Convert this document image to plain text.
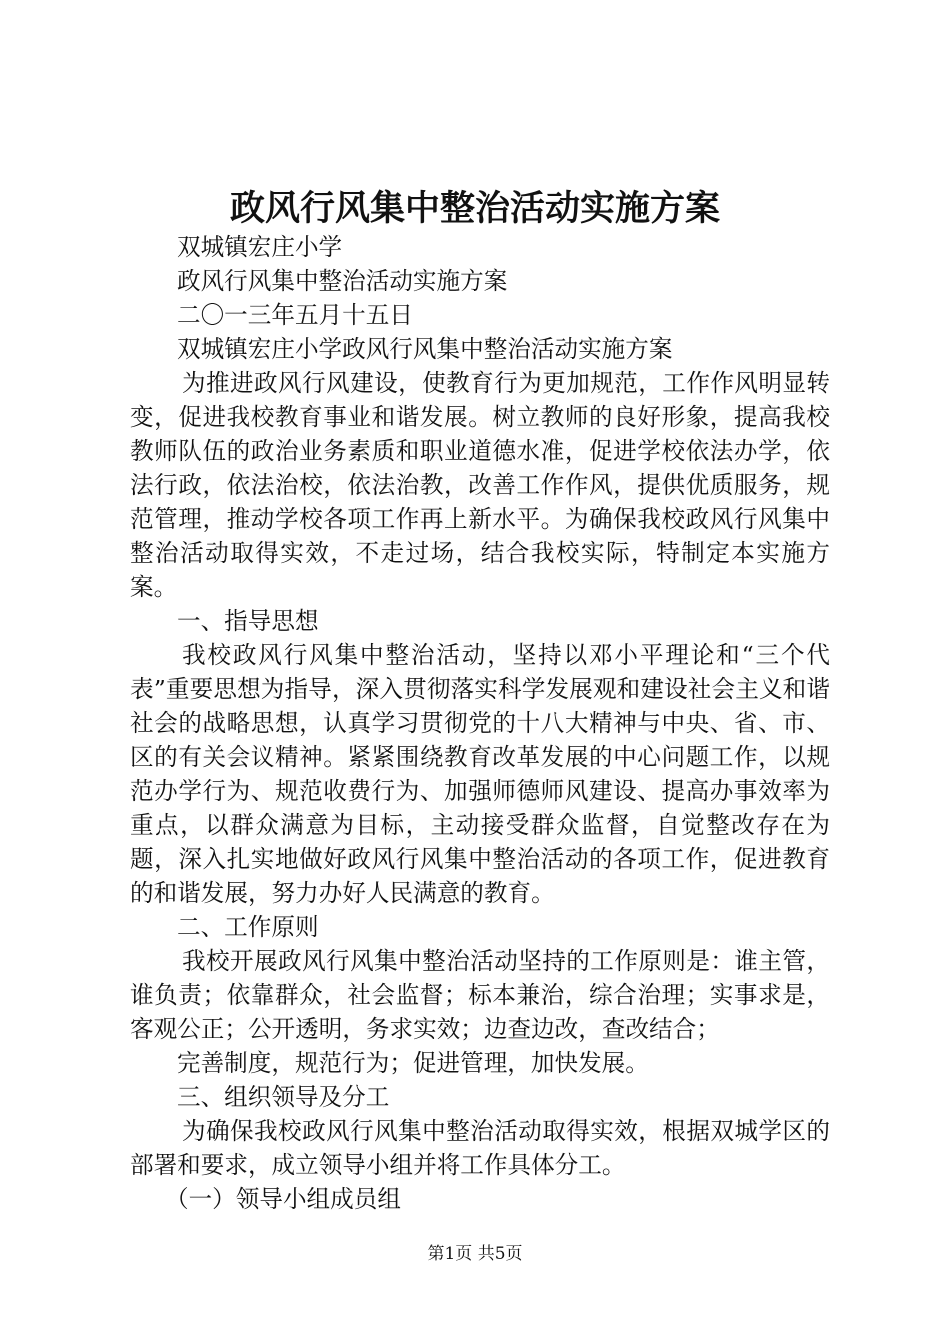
政风行风集中整治活动实施方案

双城镇宏庄小学

政风行风集中整治活动实施方案

二〇一三年五月十五日

双城镇宏庄小学政风行风集中整治活动实施方案

为推进政风行风建设，使教育行为更加规范，工作作风明显转变，促进我校教育事业和谐发展。树立教师的良好形象，提高我校教师队伍的政治业务素质和职业道德水准，促进学校依法办学，依法行政，依法治校，依法治教，改善工作作风，提供优质服务，规范管理，推动学校各项工作再上新水平。为确保我校政风行风集中整治活动取得实效，不走过场，结合我校实际，特制定本实施方案。

一、指导思想

我校政风行风集中整治活动，坚持以邓小平理论和“三个代表”重要思想为指导，深入贯彻落实科学发展观和建设社会主义和谐社会的战略思想，认真学习贯彻党的十八大精神与中央、省、市、区的有关会议精神。紧紧围绕教育改革发展的中心问题工作，以规范办学行为、规范收费行为、加强师德师风建设、提高办事效率为重点，以群众满意为目标，主动接受群众监督，自觉整改存在为题，深入扎实地做好政风行风集中整治活动的各项工作，促进教育的和谐发展，努力办好人民满意的教育。

二、工作原则

我校开展政风行风集中整治活动坚持的工作原则是：谁主管，谁负责；依靠群众，社会监督；标本兼治，综合治理；实事求是，客观公正；公开透明，务求实效；边查边改，查改结合；

完善制度，规范行为；促进管理，加快发展。

三、组织领导及分工

为确保我校政风行风集中整治活动取得实效，根据双城学区的部署和要求，成立领导小组并将工作具体分工。

（一）领导小组成员组

第1页 共5页
